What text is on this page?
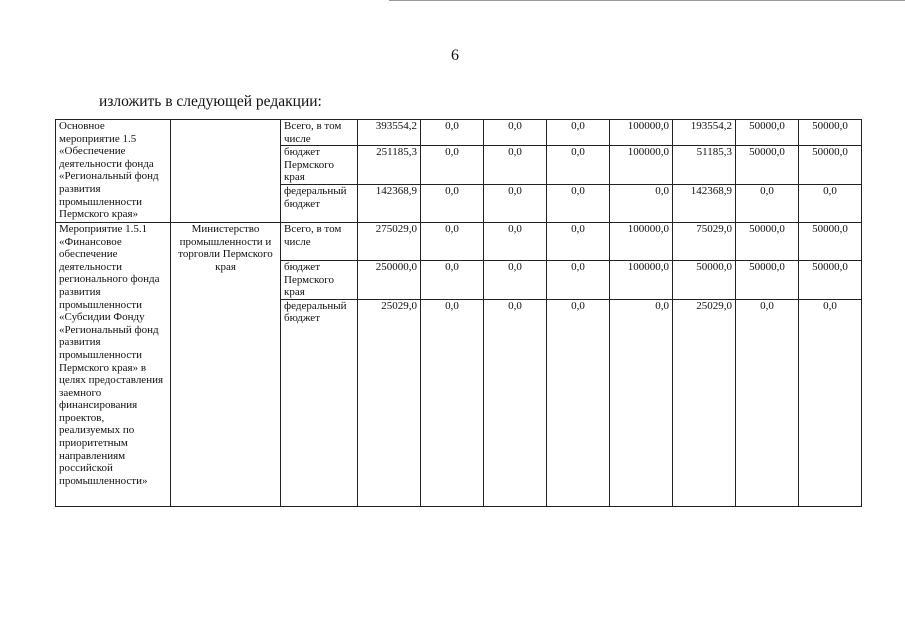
6
изложить в следующей редакции:
Основное мероприятие 1.5 «Обеспечение деятельности фонда «Региональный фонд развития промышленности Пермского края»		Всего, в том числе	393554,2	0,0	0,0	0,0	100000,0	193554,2	50000,0	50000,0
		бюджет Пермского края	251185,3	0,0	0,0	0,0	100000,0	51185,3	50000,0	50000,0
		федеральный бюджет	142368,9	0,0	0,0	0,0	0,0	142368,9	0,0	0,0
Мероприятие 1.5.1 «Финансовое обеспечение деятельности регионального фонда развития промышленности «Субсидии Фонду «Региональный фонд развития промышленности Пермского края» в целях предоставления заемного финансирования проектов, реализуемых по приоритетным направлениям российской промышленности»	Министерство промышленности и торговли Пермского края	Всего, в том числе	275029,0	0,0	0,0	0,0	100000,0	75029,0	50000,0	50000,0
		бюджет Пермского края	250000,0	0,0	0,0	0,0	100000,0	50000,0	50000,0	50000,0
		федеральный бюджет	25029,0	0,0	0,0	0,0	0,0	25029,0	0,0	0,0
